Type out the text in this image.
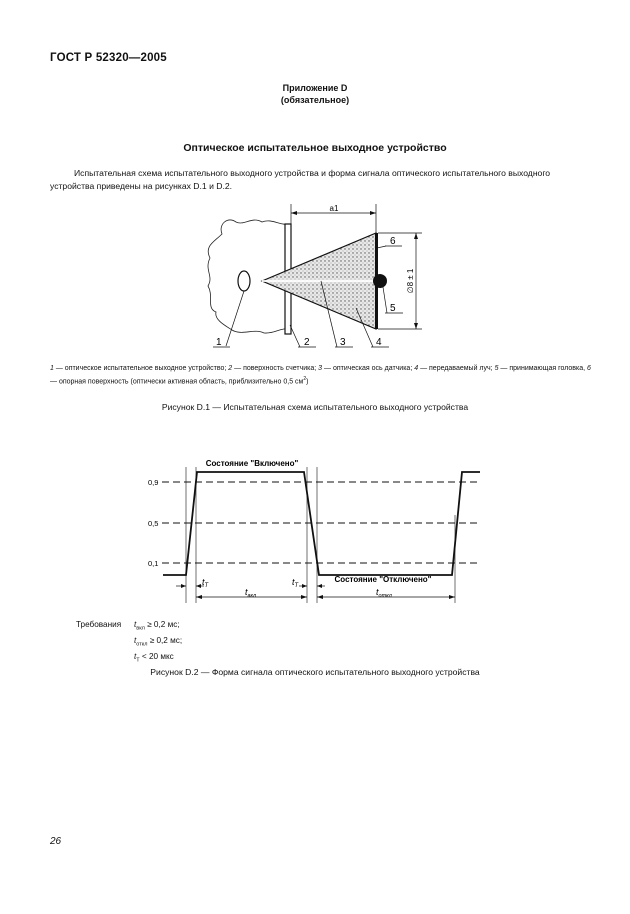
ГОСТ Р 52320—2005
Приложение D
(обязательное)
Оптическое испытательное выходное устройство
Испытательная схема испытательного выходного устройства и форма сигнала оптического испытательного выходного устройства приведены на рисунках D.1 и D.2.
a1
∅8 ± 1
1	2	3	4
5
6
1 — оптическое испытательное выходное устройство; 2 — поверхность счетчика; 3 — оптическая ось датчика; 4 — передаваемый луч; 5 — принимающая головка, 6 — опорная поверхность (оптически активная область, приблизительно 0,5 $см^2$)
Рисунок D.1 — Испытательная схема испытательного выходного устройства
0,9
0,5
0,1
Состояние "Включено"
Состояние "Отключено"
$t_Т$	$t_Т$
$t_{вкл}$	$t_{откл}$
Требования $t_{вкл} \ge 0,2$ мс;
$t_{откл} \ge 0,2$ мс;
$t_Т < 20$ мкс
Рисунок D.2 — Форма сигнала оптического испытательного выходного устройства
26
